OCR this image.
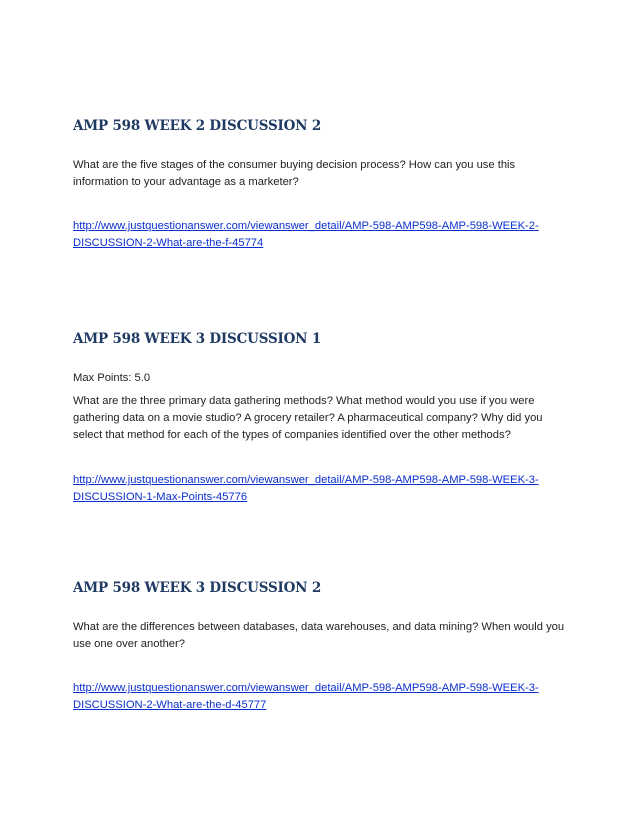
AMP 598 WEEK 2 DISCUSSION 2

What are the five stages of the consumer buying decision process? How can you use this information to your advantage as a marketer?

http://www.justquestionanswer.com/viewanswer_detail/AMP-598-AMP598-AMP-598-WEEK-2-
DISCUSSION-2-What-are-the-f-45774
AMP 598 WEEK 3 DISCUSSION 1

Max Points: 5.0

What are the three primary data gathering methods? What method would you use if you were gathering data on a movie studio? A grocery retailer? A pharmaceutical company? Why did you select that method for each of the types of companies identified over the other methods?

http://www.justquestionanswer.com/viewanswer_detail/AMP-598-AMP598-AMP-598-WEEK-3-
DISCUSSION-1-Max-Points-45776
AMP 598 WEEK 3 DISCUSSION 2

What are the differences between databases, data warehouses, and data mining? When would you use one over another?

http://www.justquestionanswer.com/viewanswer_detail/AMP-598-AMP598-AMP-598-WEEK-3-
DISCUSSION-2-What-are-the-d-45777
